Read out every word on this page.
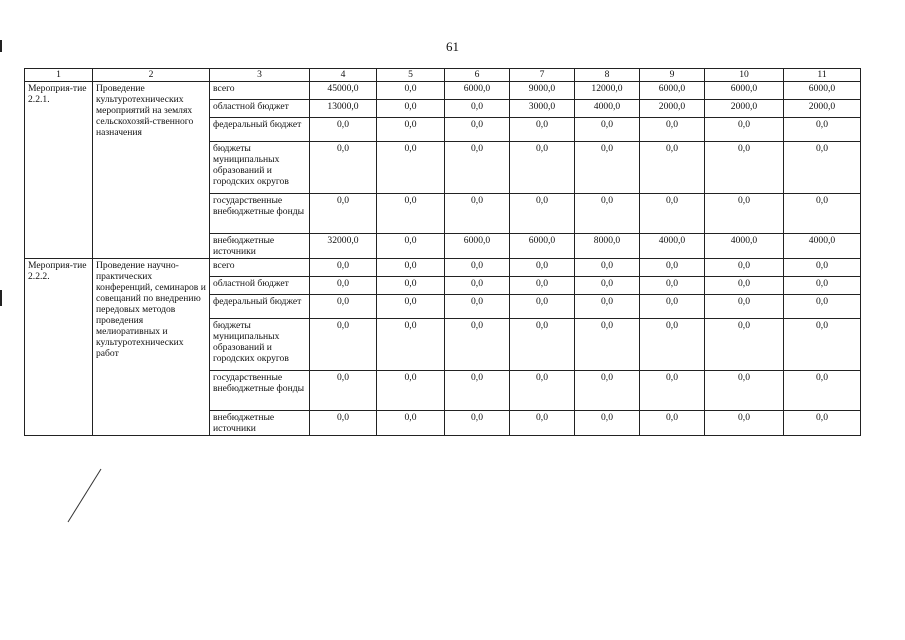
61
1	2	3	4	5	6	7	8	9	10	11
Мероприя-тие 2.2.1.	Проведение культуротехнических мероприятий на землях сельскохозяй-ственного назначения	всего	45000,0	0,0	6000,0	9000,0	12000,0	6000,0	6000,0	6000,0
		областной бюджет	13000,0	0,0	0,0	3000,0	4000,0	2000,0	2000,0	2000,0
		федеральный бюджет	0,0	0,0	0,0	0,0	0,0	0,0	0,0	0,0
		бюджеты муниципальных образований и городских округов	0,0	0,0	0,0	0,0	0,0	0,0	0,0	0,0
		государственные внебюджетные фонды	0,0	0,0	0,0	0,0	0,0	0,0	0,0	0,0
		внебюджетные источники	32000,0	0,0	6000,0	6000,0	8000,0	4000,0	4000,0	4000,0
Мероприя-тие 2.2.2.	Проведение научно-практических конференций, семинаров и совещаний по внедрению передовых методов проведения мелиоративных и культуротехнических работ	всего	0,0	0,0	0,0	0,0	0,0	0,0	0,0	0,0
		областной бюджет	0,0	0,0	0,0	0,0	0,0	0,0	0,0	0,0
		федеральный бюджет	0,0	0,0	0,0	0,0	0,0	0,0	0,0	0,0
		бюджеты муниципальных образований и городских округов	0,0	0,0	0,0	0,0	0,0	0,0	0,0	0,0
		государственные внебюджетные фонды	0,0	0,0	0,0	0,0	0,0	0,0	0,0	0,0
		внебюджетные источники	0,0	0,0	0,0	0,0	0,0	0,0	0,0	0,0
